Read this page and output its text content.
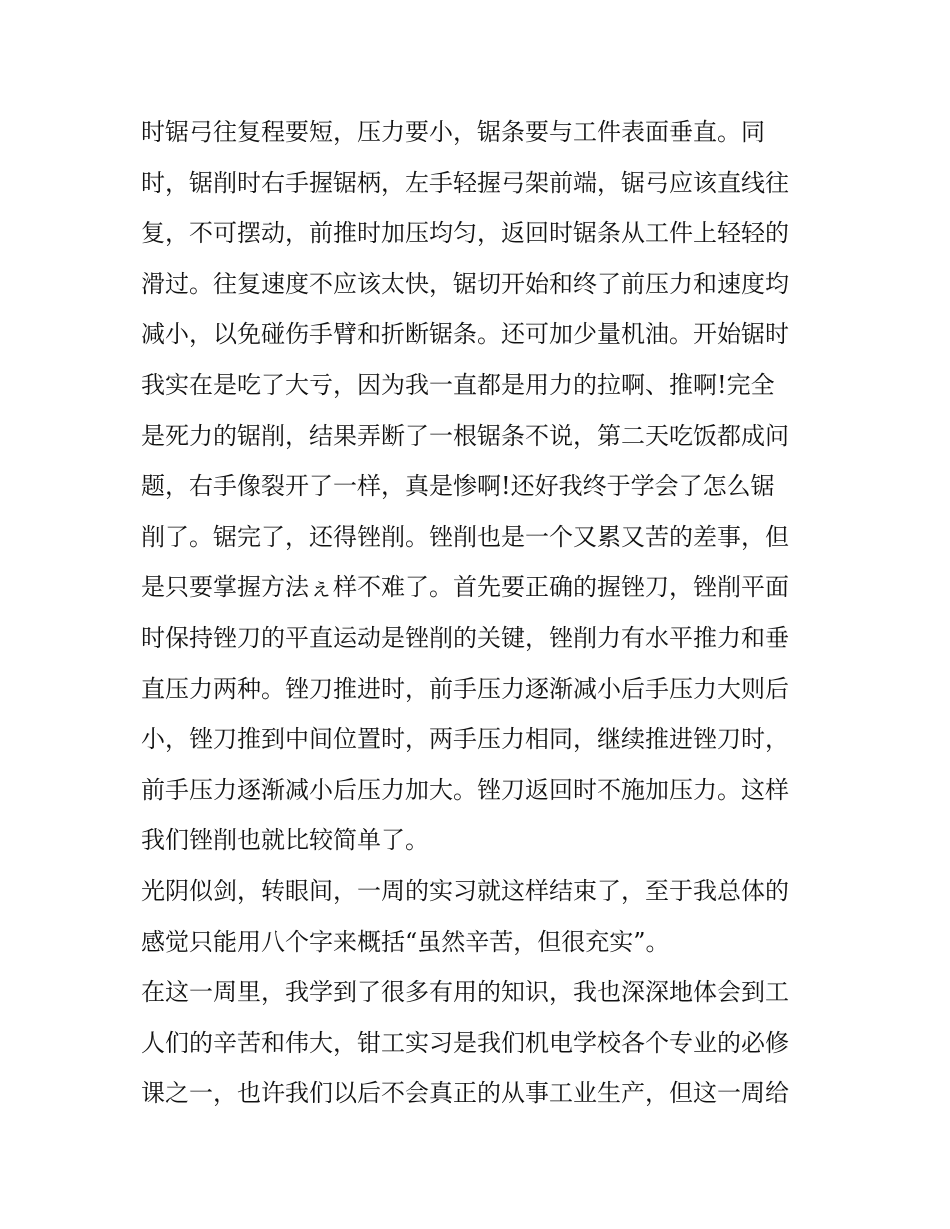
时锯弓往复程要短，压力要小，锯条要与工件表面垂直。同
时，锯削时右手握锯柄，左手轻握弓架前端，锯弓应该直线往
复，不可摆动，前推时加压均匀，返回时锯条从工件上轻轻的
滑过。往复速度不应该太快，锯切开始和终了前压力和速度均
减小，以免碰伤手臂和折断锯条。还可加少量机油。开始锯时
我实在是吃了大亏，因为我一直都是用力的拉啊、推啊!完全
是死力的锯削，结果弄断了一根锯条不说，第二天吃饭都成问
题，右手像裂开了一样，真是惨啊!还好我终于学会了怎么锯
削了。锯完了，还得锉削。锉削也是一个又累又苦的差事，但
是只要掌握方法ぇ样不难了。首先要正确的握锉刀，锉削平面
时保持锉刀的平直运动是锉削的关键，锉削力有水平推力和垂
直压力两种。锉刀推进时，前手压力逐渐减小后手压力大则后
小，锉刀推到中间位置时，两手压力相同，继续推进锉刀时，
前手压力逐渐减小后压力加大。锉刀返回时不施加压力。这样
我们锉削也就比较简单了。
光阴似剑，转眼间，一周的实习就这样结束了，至于我总体的
感觉只能用八个字来概括“虽然辛苦，但很充实”。
在这一周里，我学到了很多有用的知识，我也深深地体会到工
人们的辛苦和伟大，钳工实习是我们机电学校各个专业的必修
课之一，也许我们以后不会真正的从事工业生产，但这一周给
